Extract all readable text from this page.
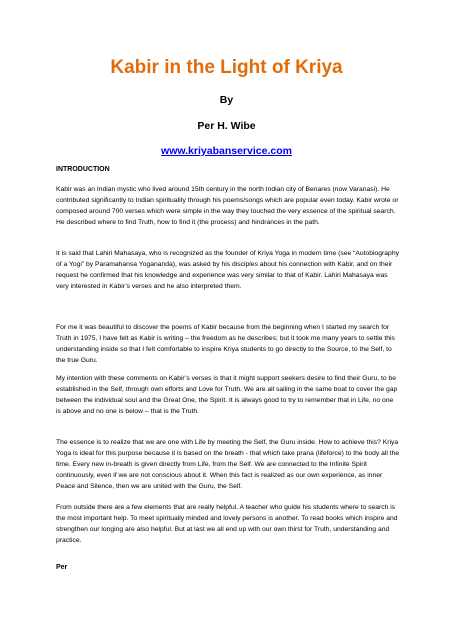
Kabir in the Light of Kriya
By
Per H. Wibe
www.kriyabanservice.com
INTRODUCTION
Kabir was an Indian mystic who lived around 15th century in the north Indian city of Benares (now Varanasi). He contributed significantly to Indian spirituality through his poems/songs which are popular even today. Kabir wrote or composed around 700 verses which were simple in the way they touched the very essence of the spiritual search. He described where to find Truth, how to find it (the process) and hindrances in the path.
It is said that Lahiri Mahasaya, who is recognized as the founder of Kriya Yoga in modern time (see “Autobiography of a Yogi” by Paramahansa Yogananda), was asked by his disciples about his connection with Kabir, and on their request he confirmed that his knowledge and experience was very similar to that of Kabir. Lahiri Mahasaya was very interested in Kabir’s verses and he also interpreted them.
For me it was beautiful to discover the poems of Kabir because from the beginning when I started my search for Truth in 1975, I have felt as Kabir is writing – the freedom as he describes; but it took me many years to settle this understanding inside so that I felt comfortable to inspire Kriya students to go directly to the Source, to the Self, to the true Guru.
My intention with these comments on Kabir’s verses is that it might support seekers desire to find their Guru, to be established in the Self, through own efforts and Love for Truth. We are all sailing in the same boat to cover the gap between the individual soul and the Great One, the Spirit. It is always good to try to remember that in Life, no one is above and no one is below – that is the Truth.
The essence is to realize that we are one with Life by meeting the Self, the Guru inside. How to achieve this? Kriya Yoga is ideal for this purpose because it is based on the breath - that which take prana (lifeforce) to the body all the time. Every new in-breath is given directly from Life, from the Self. We are connected to the Infinite Spirit continuously, even if we are not conscious about it. When this fact is realized as our own experience, as inner Peace and Silence, then we are united with the Guru, the Self.
From outside there are a few elements that are really helpful. A teacher who guide his students where to search is the most important help. To meet spiritually minded and lovely persons is another. To read books which inspire and strengthen our longing are also helpful. But at last we all end up with our own thirst for Truth, understanding and practice.
Per
